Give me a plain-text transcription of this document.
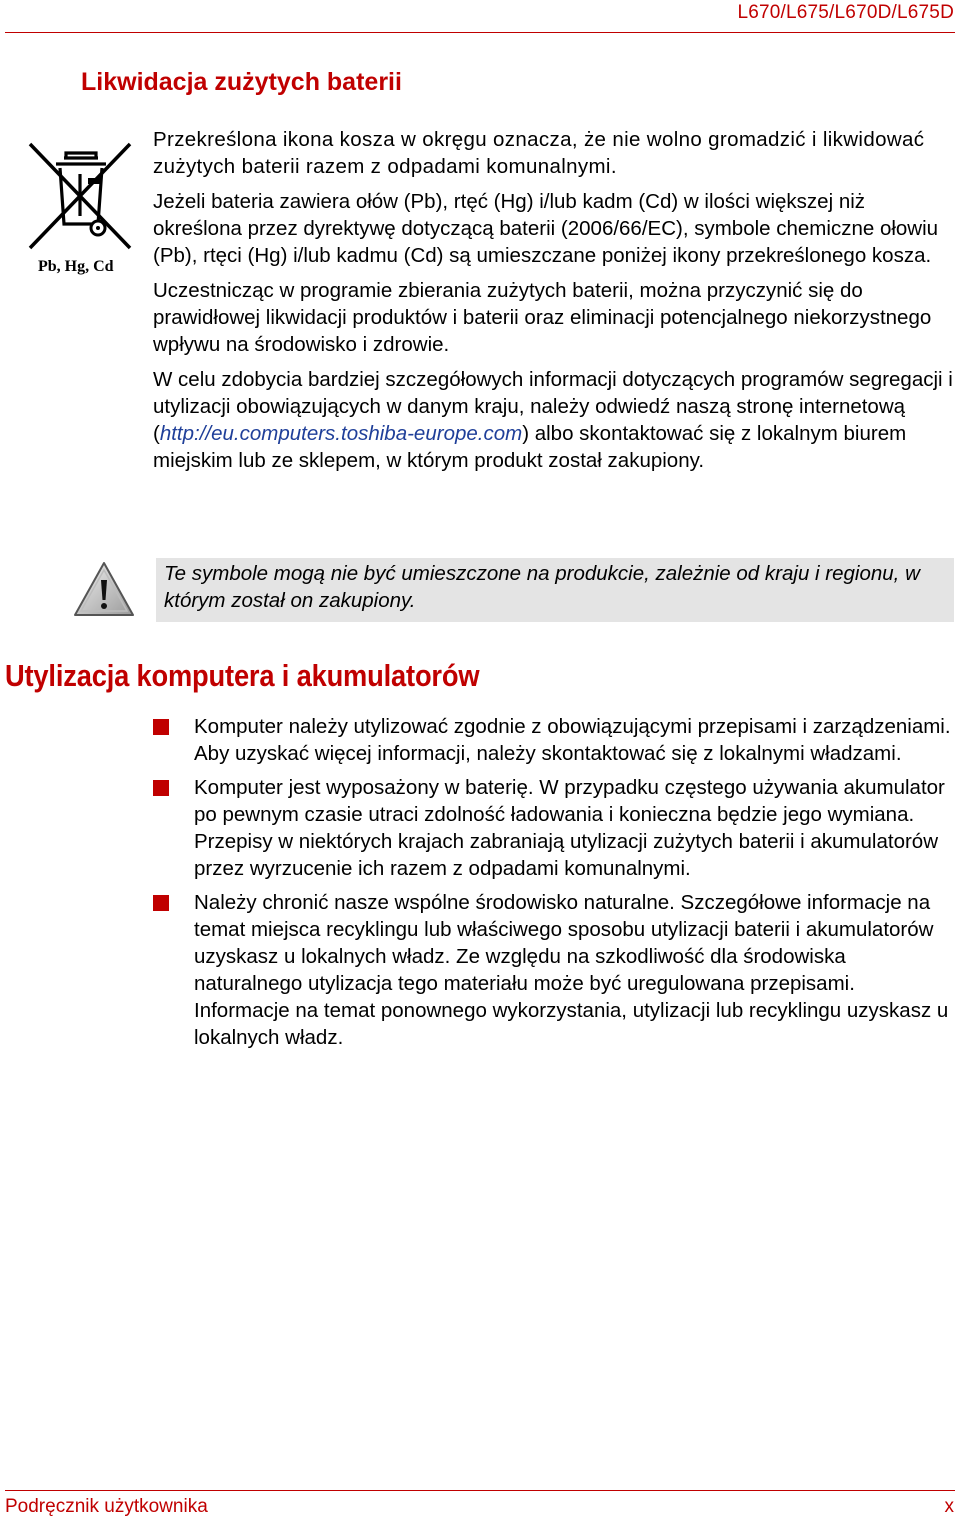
L670/L675/L670D/L675D
Likwidacja zużytych baterii
Pb, Hg, Cd

Przekreślona ikona kosza w okręgu oznacza, że nie wolno gromadzić i likwidować zużytych baterii razem z odpadami komunalnymi.

Jeżeli bateria zawiera ołów (Pb), rtęć (Hg) i/lub kadm (Cd) w ilości większej niż określona przez dyrektywę dotyczącą baterii (2006/66/EC), symbole chemiczne ołowiu (Pb), rtęci (Hg) i/lub kadmu (Cd) są umieszczane poniżej ikony przekreślonego kosza.

Uczestnicząc w programie zbierania zużytych baterii, można przyczynić się do prawidłowej likwidacji produktów i baterii oraz eliminacji potencjalnego niekorzystnego wpływu na środowisko i zdrowie.

W celu zdobycia bardziej szczegółowych informacji dotyczących programów segregacji i utylizacji obowiązujących w danym kraju, należy odwiedź naszą stronę internetową (http://eu.computers.toshiba-europe.com) albo skontaktować się z lokalnym biurem miejskim lub ze sklepem, w którym produkt został zakupiony.

Te symbole mogą nie być umieszczone na produkcie, zależnie od kraju i regionu, w którym został on zakupiony.

Utylizacja komputera i akumulatorów
Komputer należy utylizować zgodnie z obowiązującymi przepisami i zarządzeniami. Aby uzyskać więcej informacji, należy skontaktować się z lokalnymi władzami.
Komputer jest wyposażony w baterię. W przypadku częstego używania akumulator po pewnym czasie utraci zdolność ładowania i konieczna będzie jego wymiana. Przepisy w niektórych krajach zabraniają utylizacji zużytych baterii i akumulatorów przez wyrzucenie ich razem z odpadami komunalnymi.
Należy chronić nasze wspólne środowisko naturalne. Szczegółowe informacje na temat miejsca recyklingu lub właściwego sposobu utylizacji baterii i akumulatorów uzyskasz u lokalnych władz. Ze względu na szkodliwość dla środowiska naturalnego utylizacja tego materiału może być uregulowana przepisami. Informacje na temat ponownego wykorzystania, utylizacji lub recyklingu uzyskasz u lokalnych władz.
Podręcznik użytkownika	x
